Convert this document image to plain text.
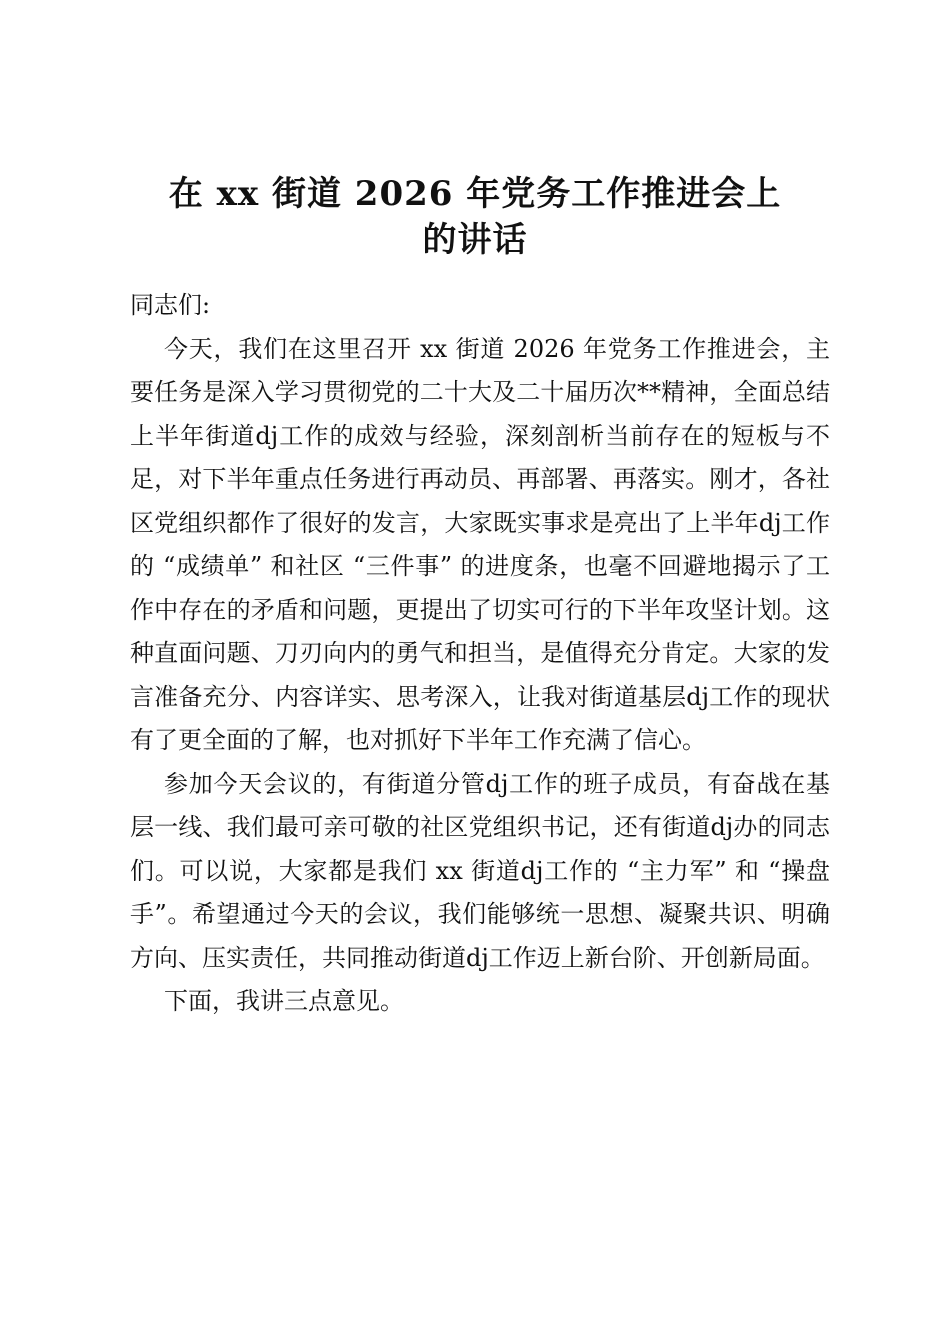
在 xx 街道 2026 年党务工作推进会上
的讲话

同志们:

今天，我们在这里召开 xx 街道 2026 年党务工作推进会，主要任务是深入学习贯彻党的二十大及二十届历次**精神，全面总结上半年街道dj工作的成效与经验，深刻剖析当前存在的短板与不足，对下半年重点任务进行再动员、再部署、再落实。刚才，各社区党组织都作了很好的发言，大家既实事求是亮出了上半年dj工作的 “成绩单” 和社区 “三件事” 的进度条，也毫不回避地揭示了工作中存在的矛盾和问题，更提出了切实可行的下半年攻坚计划。这种直面问题、刀刃向内的勇气和担当，是值得充分肯定。大家的发言准备充分、内容详实、思考深入，让我对街道基层dj工作的现状有了更全面的了解，也对抓好下半年工作充满了信心。

参加今天会议的，有街道分管dj工作的班子成员，有奋战在基层一线、我们最可亲可敬的社区党组织书记，还有街道dj办的同志们。可以说，大家都是我们 xx 街道dj工作的 “主力军” 和 “操盘手”。希望通过今天的会议，我们能够统一思想、凝聚共识、明确方向、压实责任，共同推动街道dj工作迈上新台阶、开创新局面。

下面，我讲三点意见。
